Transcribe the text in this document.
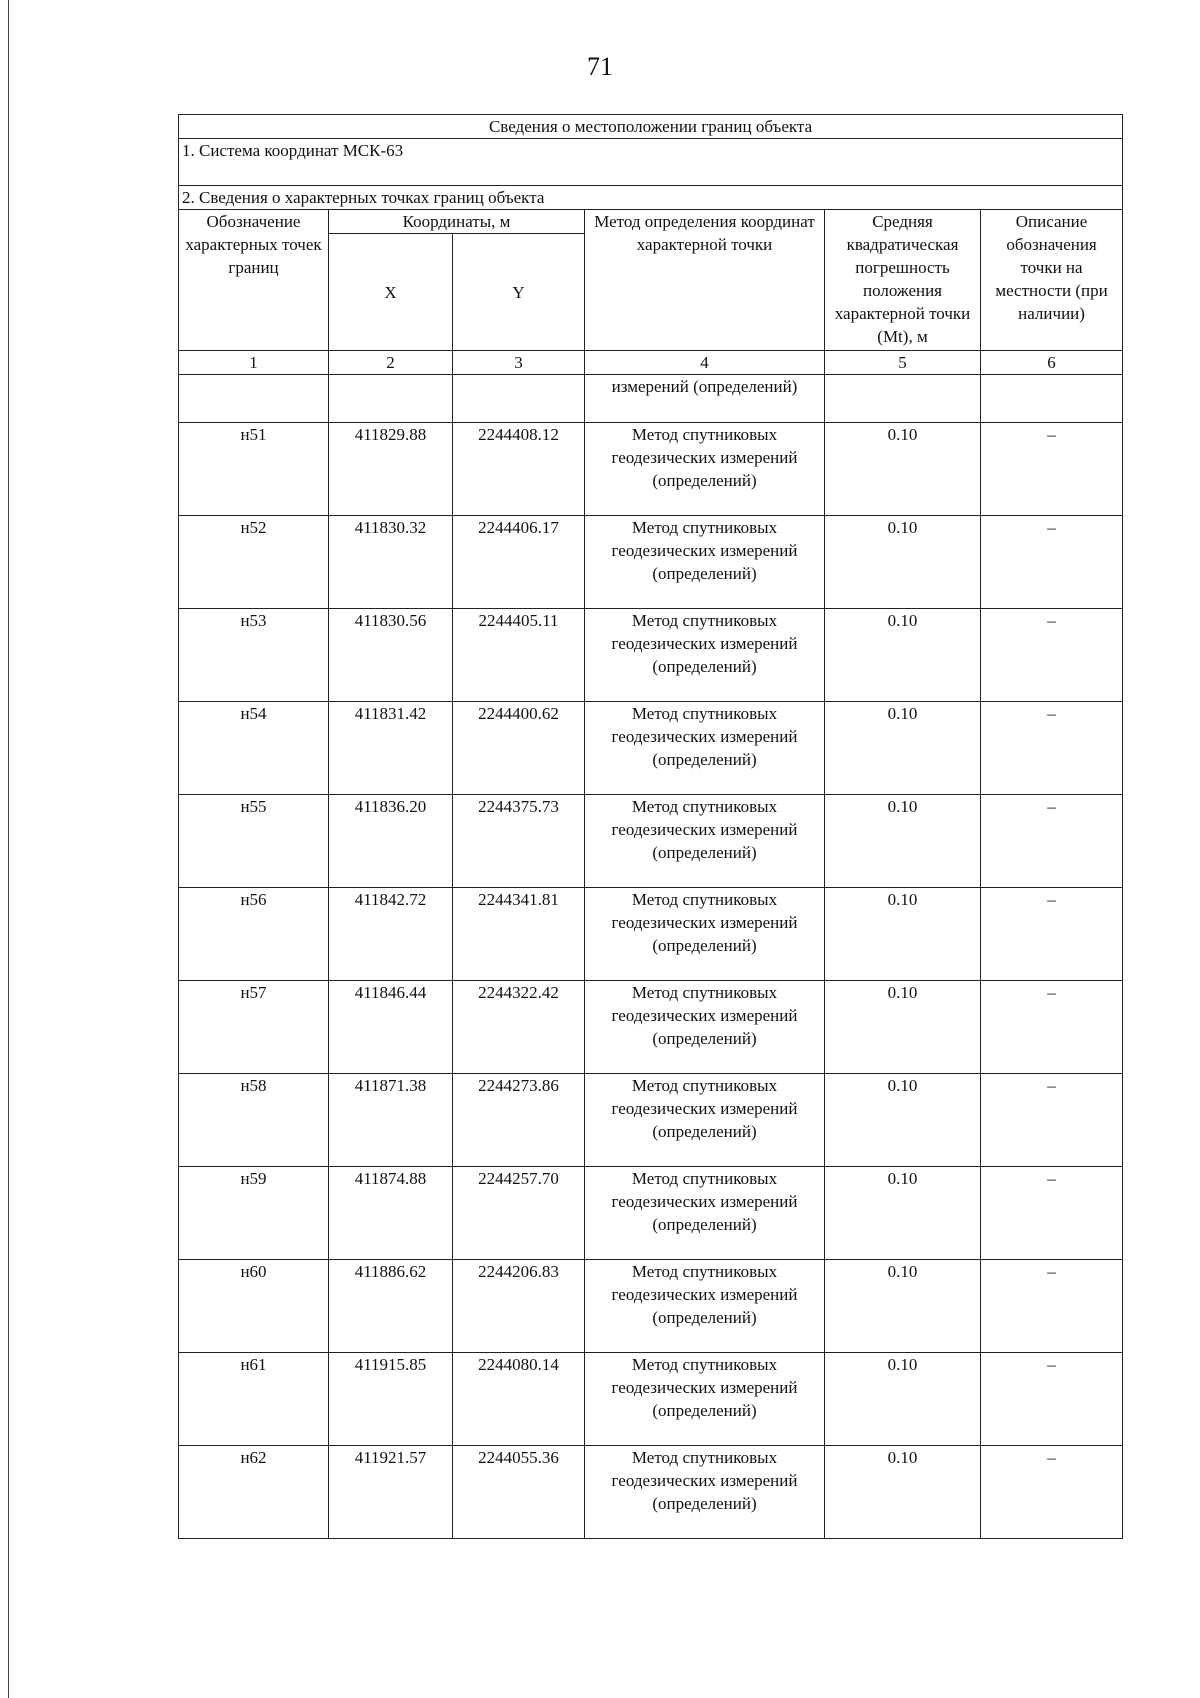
71
Сведения о местоположении границ объекта					
1. Система координат МСК-63					
2. Сведения о характерных точках границ объекта					
Обозначение характерных точек границ	Координаты, м		Метод определения координат характерной точки	Средняя квадратическая погрешность положения характерной точки (Mt), м	Описание обозначения точки на местности (при наличии)
	X	Y			
1	2	3	4	5	6
			измерений (определений)		
н51	411829.88	2244408.12	Метод спутниковых геодезических измерений (определений)	0.10	–
н52	411830.32	2244406.17	Метод спутниковых геодезических измерений (определений)	0.10	–
н53	411830.56	2244405.11	Метод спутниковых геодезических измерений (определений)	0.10	–
н54	411831.42	2244400.62	Метод спутниковых геодезических измерений (определений)	0.10	–
н55	411836.20	2244375.73	Метод спутниковых геодезических измерений (определений)	0.10	–
н56	411842.72	2244341.81	Метод спутниковых геодезических измерений (определений)	0.10	–
н57	411846.44	2244322.42	Метод спутниковых геодезических измерений (определений)	0.10	–
н58	411871.38	2244273.86	Метод спутниковых геодезических измерений (определений)	0.10	–
н59	411874.88	2244257.70	Метод спутниковых геодезических измерений (определений)	0.10	–
н60	411886.62	2244206.83	Метод спутниковых геодезических измерений (определений)	0.10	–
н61	411915.85	2244080.14	Метод спутниковых геодезических измерений (определений)	0.10	–
н62	411921.57	2244055.36	Метод спутниковых геодезических измерений (определений)	0.10	–
